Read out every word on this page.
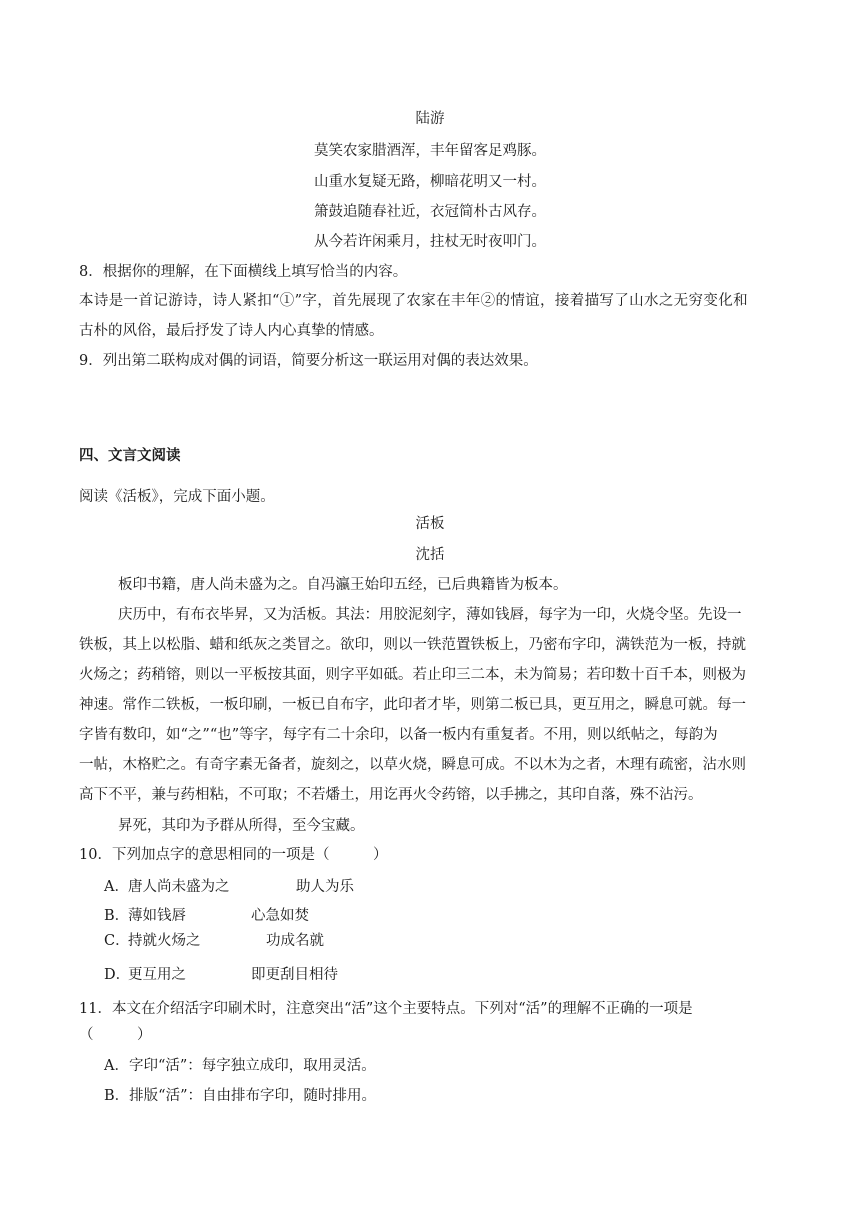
陆游
莫笑农家腊酒浑，丰年留客足鸡豚。
山重水复疑无路，柳暗花明又一村。
箫鼓追随春社近，衣冠简朴古风存。
从今若许闲乘月，拄杖无时夜叩门。
8．根据你的理解，在下面横线上填写恰当的内容。
本诗是一首记游诗，诗人紧扣“①”字，首先展现了农家在丰年②的情谊，接着描写了山水之无穷变化和
古朴的风俗，最后抒发了诗人内心真挚的情感。
9．列出第二联构成对偶的词语，简要分析这一联运用对偶的表达效果。
四、文言文阅读
阅读《活板》，完成下面小题。
活板
沈括
板印书籍，唐人尚未盛为之。自冯瀛王始印五经，已后典籍皆为板本。
庆历中，有布衣毕昇，又为活板。其法：用胶泥刻字，薄如钱唇，每字为一印，火烧令坚。先设一
铁板，其上以松脂、蜡和纸灰之类冒之。欲印，则以一铁范置铁板上，乃密布字印，满铁范为一板，持就
火炀之；药稍镕，则以一平板按其面，则字平如砥。若止印三二本，未为简易；若印数十百千本，则极为
神速。常作二铁板，一板印刷，一板已自布字，此印者才毕，则第二板已具，更互用之，瞬息可就。每一
字皆有数印，如“之”“也”等字，每字有二十余印，以备一板内有重复者。不用，则以纸帖之，每韵为
一帖，木格贮之。有奇字素无备者，旋刻之，以草火烧，瞬息可成。不以木为之者，木理有疏密，沾水则
高下不平，兼与药相粘，不可取；不若燔土，用讫再火令药镕，以手拂之，其印自落，殊不沾污。
昇死，其印为予群从所得，至今宝藏。
10．下列加点字的意思相同的一项是（　　　）
A． 唐人尚未盛为之	助人为乐
B．
薄如钱唇	心急如焚
C．
持就火炀之	功成名就
D．
更互用之	即更刮目相待
11．本文在介绍活字印刷术时，注意突出“活”这个主要特点。下列对“活”的理解不正确的一项是
（　　　）
A．字印“活”：每字独立成印，取用灵活。
B．排版“活”：自由排布字印，随时排用。
